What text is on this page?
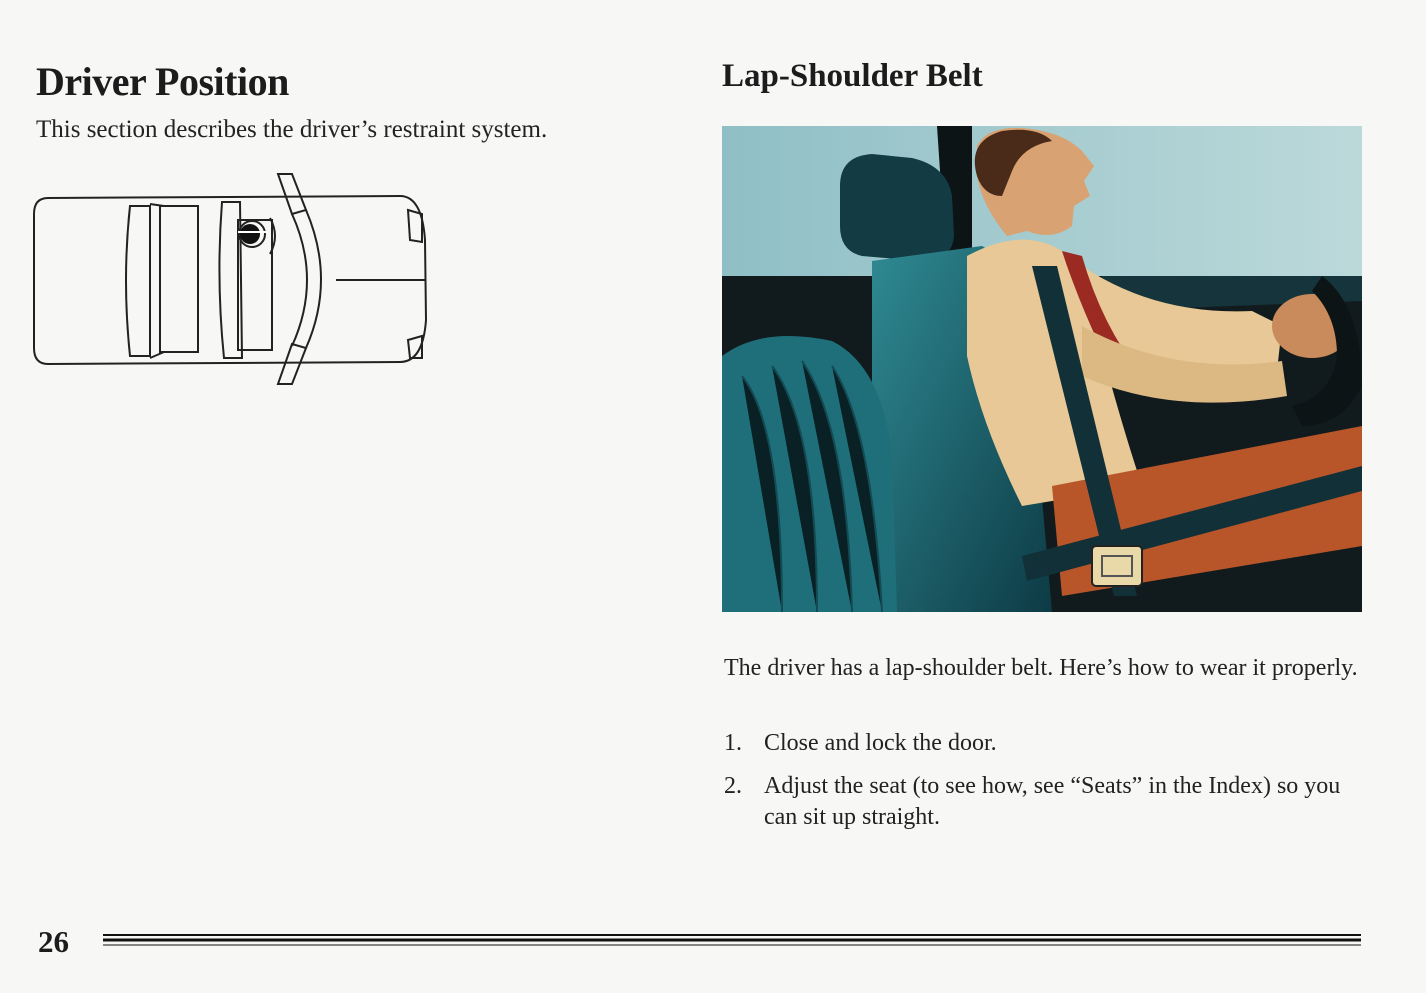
Driver Position

This section describes the driver’s restraint system.

Lap-Shoulder Belt

The driver has a lap-shoulder belt. Here’s how to wear it properly.

1. Close and lock the door.
2. Adjust the seat (to see how, see “Seats” in the Index) so you can sit up straight.
26
